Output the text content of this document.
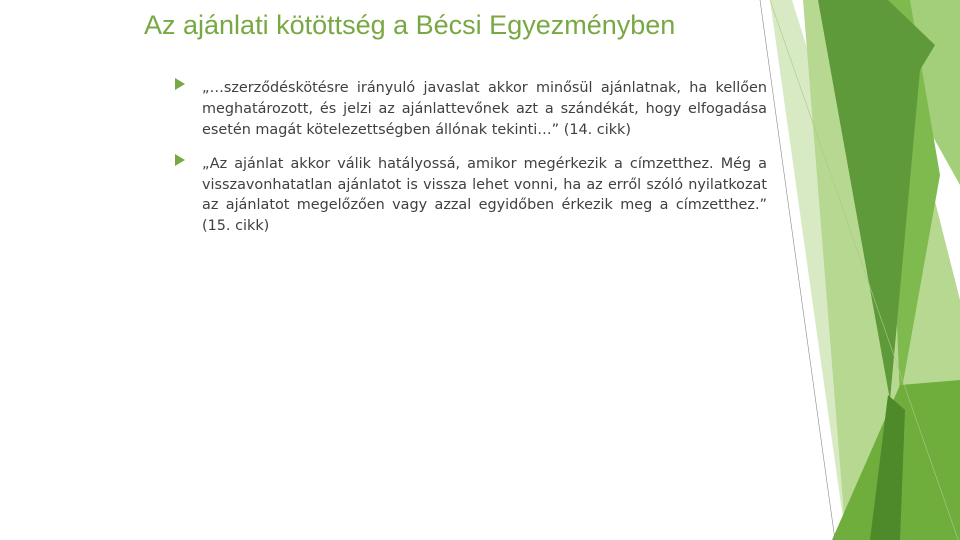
Az ajánlati kötöttség a Bécsi Egyezményben

„…szerződéskötésre irányuló javaslat akkor minősül ajánlatnak, ha kellően meghatározott, és jelzi az ajánlattevőnek azt a szándékát, hogy elfogadása esetén magát kötelezettségben állónak tekinti…” (14. cikk)

„Az ajánlat akkor válik hatályossá, amikor megérkezik a címzetthez. Még a visszavonhatatlan ajánlatot is vissza lehet vonni, ha az erről szóló nyilatkozat az ajánlatot megelőzően vagy azzal egyidőben érkezik meg a címzetthez.” (15. cikk)
